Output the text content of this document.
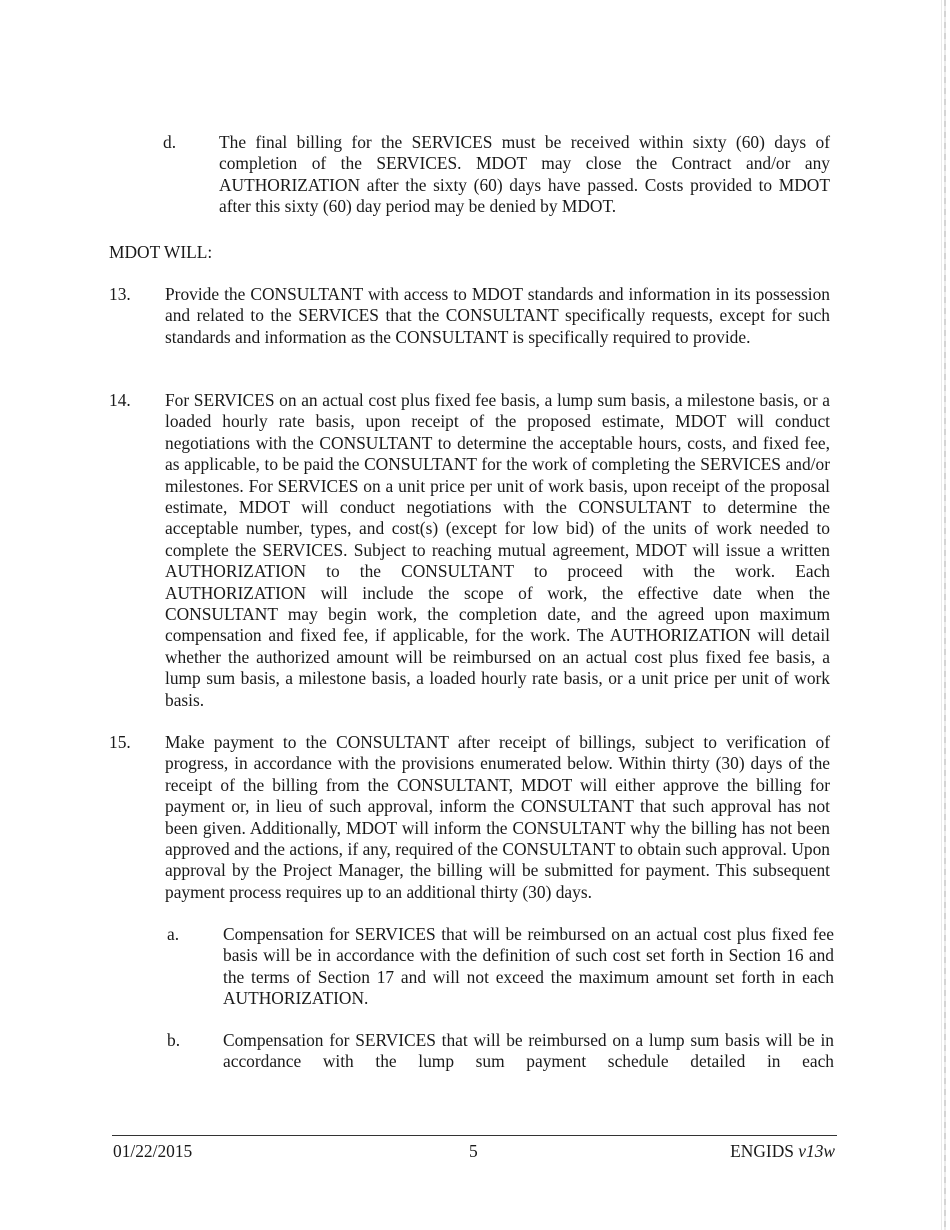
d. The final billing for the SERVICES must be received within sixty (60) days of completion of the SERVICES. MDOT may close the Contract and/or any AUTHORIZATION after the sixty (60) days have passed. Costs provided to MDOT after this sixty (60) day period may be denied by MDOT.
MDOT WILL:
13. Provide the CONSULTANT with access to MDOT standards and information in its possession and related to the SERVICES that the CONSULTANT specifically requests, except for such standards and information as the CONSULTANT is specifically required to provide.
14. For SERVICES on an actual cost plus fixed fee basis, a lump sum basis, a milestone basis, or a loaded hourly rate basis, upon receipt of the proposed estimate, MDOT will conduct negotiations with the CONSULTANT to determine the acceptable hours, costs, and fixed fee, as applicable, to be paid the CONSULTANT for the work of completing the SERVICES and/or milestones. For SERVICES on a unit price per unit of work basis, upon receipt of the proposal estimate, MDOT will conduct negotiations with the CONSULTANT to determine the acceptable number, types, and cost(s) (except for low bid) of the units of work needed to complete the SERVICES. Subject to reaching mutual agreement, MDOT will issue a written AUTHORIZATION to the CONSULTANT to proceed with the work. Each AUTHORIZATION will include the scope of work, the effective date when the CONSULTANT may begin work, the completion date, and the agreed upon maximum compensation and fixed fee, if applicable, for the work. The AUTHORIZATION will detail whether the authorized amount will be reimbursed on an actual cost plus fixed fee basis, a lump sum basis, a milestone basis, a loaded hourly rate basis, or a unit price per unit of work basis.
15. Make payment to the CONSULTANT after receipt of billings, subject to verification of progress, in accordance with the provisions enumerated below. Within thirty (30) days of the receipt of the billing from the CONSULTANT, MDOT will either approve the billing for payment or, in lieu of such approval, inform the CONSULTANT that such approval has not been given. Additionally, MDOT will inform the CONSULTANT why the billing has not been approved and the actions, if any, required of the CONSULTANT to obtain such approval. Upon approval by the Project Manager, the billing will be submitted for payment. This subsequent payment process requires up to an additional thirty (30) days.
a.	Compensation for SERVICES that will be reimbursed on an actual cost plus fixed fee basis will be in accordance with the definition of such cost set forth in Section 16 and the terms of Section 17 and will not exceed the maximum amount set forth in each AUTHORIZATION.
b. Compensation for SERVICES that will be reimbursed on a lump sum basis will be in accordance with the lump sum payment schedule detailed in each
01/22/2015	5	ENGIDS v13w
